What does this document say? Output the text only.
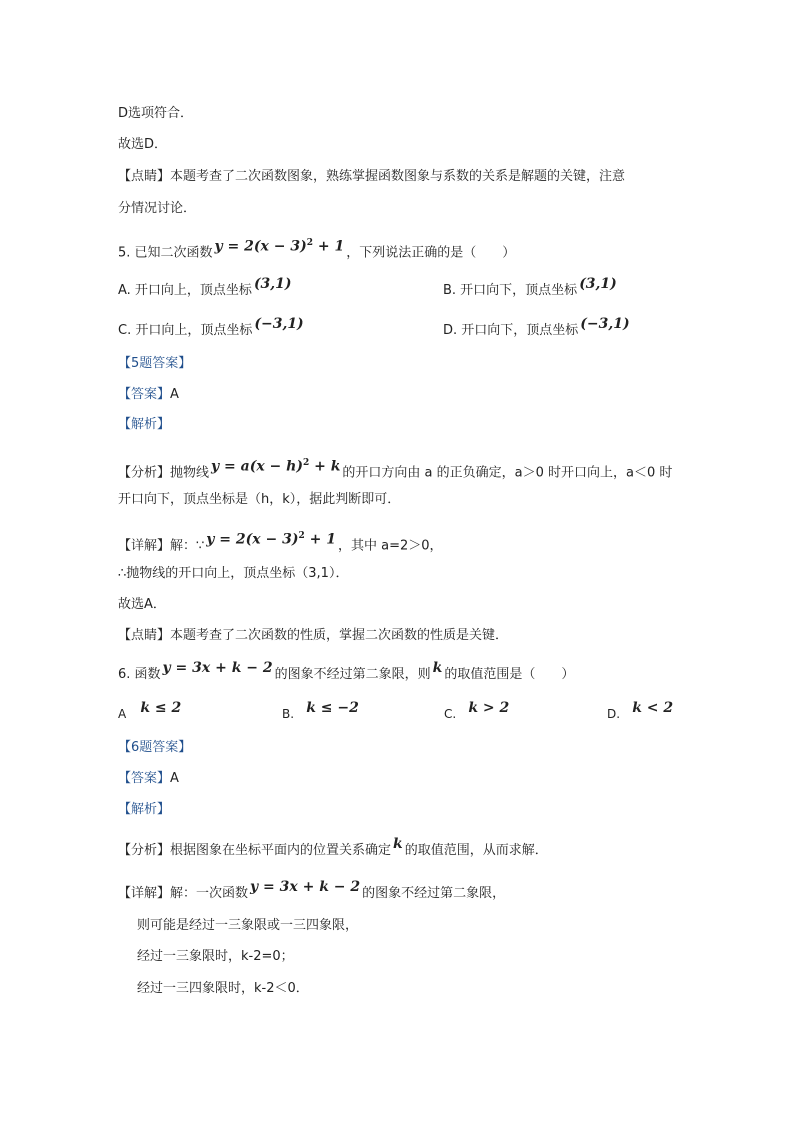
D选项符合．
故选D．
【点睛】本题考查了二次函数图象，熟练掌握函数图象与系数的关系是解题的关键，注意
分情况讨论．
5. 已知二次函数 $y = 2(x - 3)^2 + 1$ ，下列说法正确的是（　　）
A. 开口向上，顶点坐标 (3,1)	B. 开口向下，顶点坐标 (3,1)
C. 开口向上，顶点坐标 (−3,1)	D. 开口向下，顶点坐标 (−3,1)
【5题答案】
【答案】A
【解析】
【分析】抛物线 $y = a(x - h)^2 + k$ 的开口方向由 a 的正负确定，a＞0 时开口向上，a＜0 时
开口向下，顶点坐标是（h，k），据此判断即可．
【详解】解：∵ $y = 2(x - 3)^2 + 1$ ，其中 a=2＞0，
∴抛物线的开口向上，顶点坐标（3,1）．
故选A．
【点睛】本题考查了二次函数的性质，掌握二次函数的性质是关键．
6. 函数 y = 3x + k − 2 的图象不经过第二象限，则 k 的取值范围是（　　）
A k ≤ 2	B. k ≤ −2	C. k > 2	D. k < 2
【6题答案】
【答案】A
【解析】
【分析】根据图象在坐标平面内的位置关系确定 k 的取值范围，从而求解．
【详解】解：一次函数 y = 3x + k − 2 的图象不经过第二象限，
则可能是经过一三象限或一三四象限，
经过一三象限时，k-2=0；
经过一三四象限时，k-2＜0．
